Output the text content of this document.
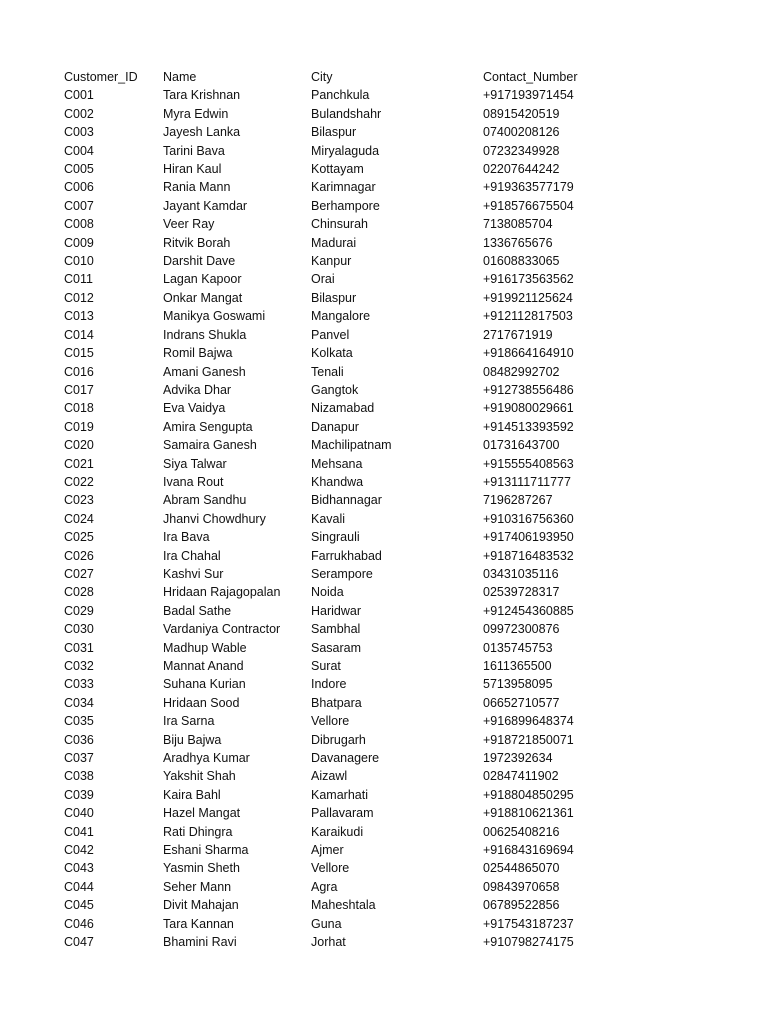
Customer_ID	Name	City	Contact_Number
C001	Tara Krishnan	Panchkula	+917193971454
C002	Myra Edwin	Bulandshahr	08915420519
C003	Jayesh Lanka	Bilaspur	07400208126
C004	Tarini Bava	Miryalaguda	07232349928
C005	Hiran Kaul	Kottayam	02207644242
C006	Rania Mann	Karimnagar	+919363577179
C007	Jayant Kamdar	Berhampore	+918576675504
C008	Veer Ray	Chinsurah	7138085704
C009	Ritvik Borah	Madurai	1336765676
C010	Darshit Dave	Kanpur	01608833065
C011	Lagan Kapoor	Orai	+916173563562
C012	Onkar Mangat	Bilaspur	+919921125624
C013	Manikya Goswami	Mangalore	+912112817503
C014	Indrans Shukla	Panvel	2717671919
C015	Romil Bajwa	Kolkata	+918664164910
C016	Amani Ganesh	Tenali	08482992702
C017	Advika Dhar	Gangtok	+912738556486
C018	Eva Vaidya	Nizamabad	+919080029661
C019	Amira Sengupta	Danapur	+914513393592
C020	Samaira Ganesh	Machilipatnam	01731643700
C021	Siya Talwar	Mehsana	+915555408563
C022	Ivana Rout	Khandwa	+913111711777
C023	Abram Sandhu	Bidhannagar	7196287267
C024	Jhanvi Chowdhury	Kavali	+910316756360
C025	Ira Bava	Singrauli	+917406193950
C026	Ira Chahal	Farrukhabad	+918716483532
C027	Kashvi Sur	Serampore	03431035116
C028	Hridaan Rajagopalan	Noida	02539728317
C029	Badal Sathe	Haridwar	+912454360885
C030	Vardaniya Contractor	Sambhal	09972300876
C031	Madhup Wable	Sasaram	0135745753
C032	Mannat Anand	Surat	1611365500
C033	Suhana Kurian	Indore	5713958095
C034	Hridaan Sood	Bhatpara	06652710577
C035	Ira Sarna	Vellore	+916899648374
C036	Biju Bajwa	Dibrugarh	+918721850071
C037	Aradhya Kumar	Davanagere	1972392634
C038	Yakshit Shah	Aizawl	02847411902
C039	Kaira Bahl	Kamarhati	+918804850295
C040	Hazel Mangat	Pallavaram	+918810621361
C041	Rati Dhingra	Karaikudi	00625408216
C042	Eshani Sharma	Ajmer	+916843169694
C043	Yasmin Sheth	Vellore	02544865070
C044	Seher Mann	Agra	09843970658
C045	Divit Mahajan	Maheshtala	06789522856
C046	Tara Kannan	Guna	+917543187237
C047	Bhamini Ravi	Jorhat	+910798274175
